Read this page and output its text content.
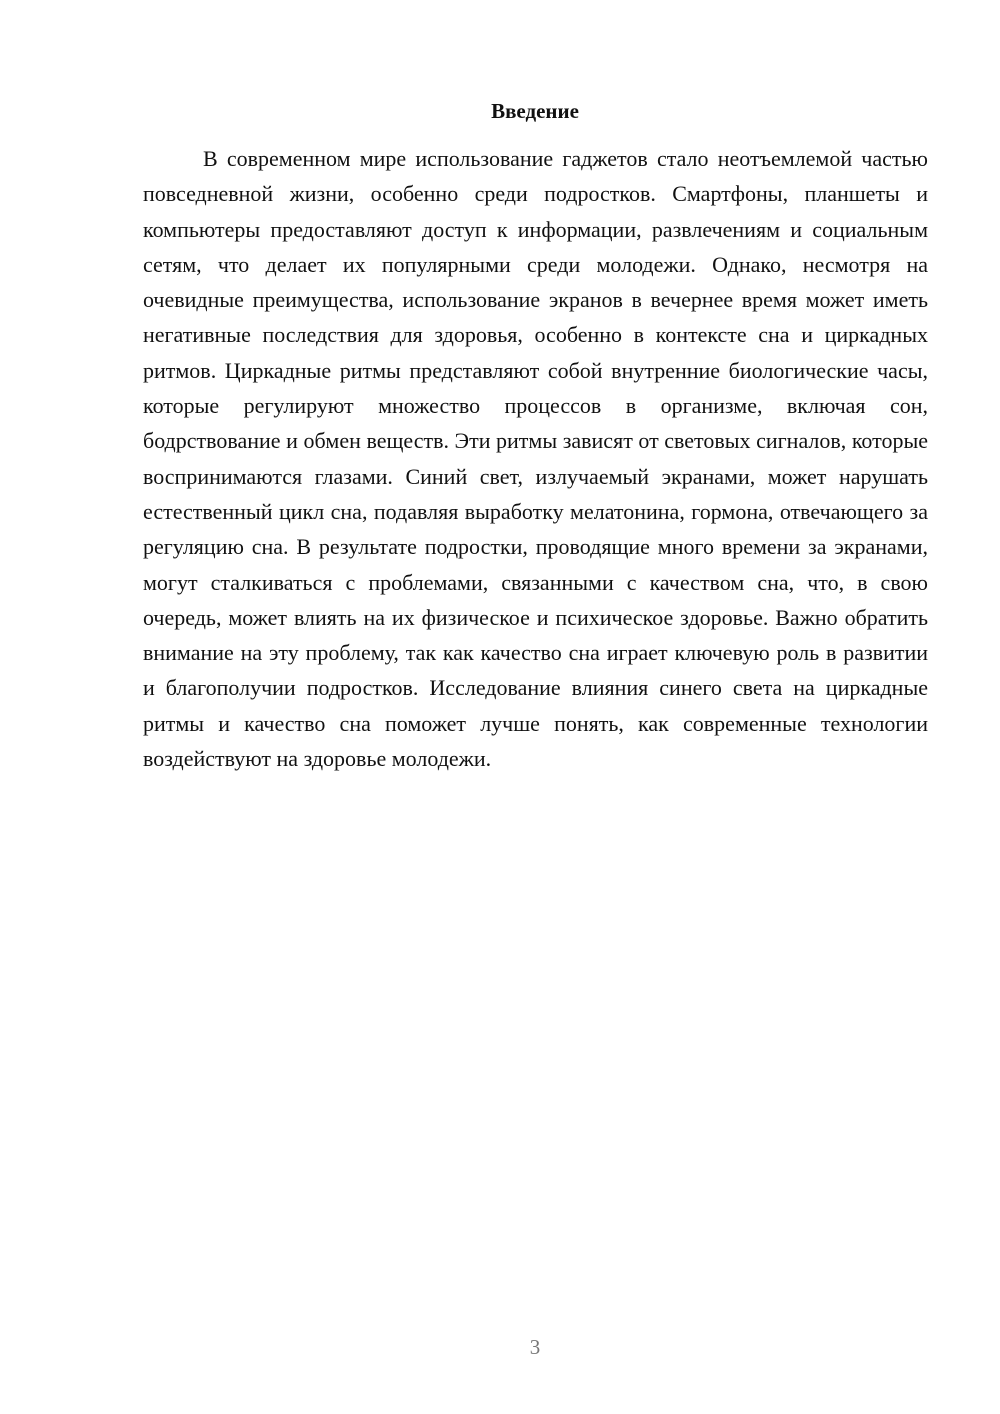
Введение

В современном мире использование гаджетов стало неотъемлемой частью повседневной жизни, особенно среди подростков. Смартфоны, планшеты и компьютеры предоставляют доступ к информации, развлечениям и социальным сетям, что делает их популярными среди молодежи. Однако, несмотря на очевидные преимущества, использование экранов в вечернее время может иметь негативные последствия для здоровья, особенно в контексте сна и циркадных ритмов. Циркадные ритмы представляют собой внутренние биологические часы, которые регулируют множество процессов в организме, включая сон, бодрствование и обмен веществ. Эти ритмы зависят от световых сигналов, которые воспринимаются глазами. Синий свет, излучаемый экранами, может нарушать естественный цикл сна, подавляя выработку мелатонина, гормона, отвечающего за регуляцию сна. В результате подростки, проводящие много времени за экранами, могут сталкиваться с проблемами, связанными с качеством сна, что, в свою очередь, может влиять на их физическое и психическое здоровье. Важно обратить внимание на эту проблему, так как качество сна играет ключевую роль в развитии и благополучии подростков. Исследование влияния синего света на циркадные ритмы и качество сна поможет лучше понять, как современные технологии воздействуют на здоровье молодежи.

3
